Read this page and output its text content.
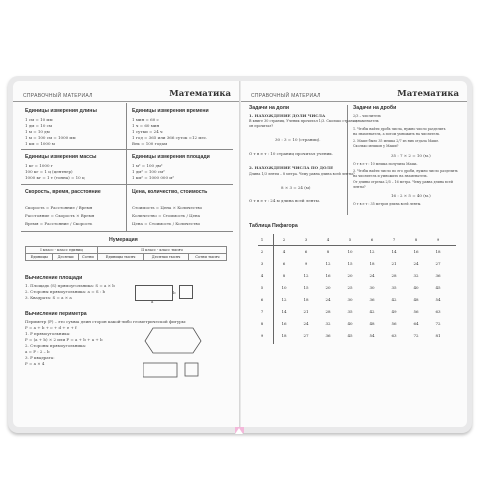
СПРАВОЧНЫЙ МАТЕРИАЛ	Математика
Единицы измерения длины
1 см = 10 мм
1 дм = 10 см
1 м = 10 дм
1 м = 100 см = 1000 мм
1 км = 1000 м
Единицы измерения времени
1 мин = 60 с
1 ч = 60 мин
1 сутки = 24 ч
1 год = 365 или 366 суток =12 мес.
Век = 100 годам
Единицы измерения массы
1 кг = 1000 г
100 кг = 1 ц (центнер)
1000 кг = 1 т (тонна) = 10 ц
Единицы измерения площади
1 м² = 100 дм²
1 дм² = 100 см²
1 км² = 1000 000 м²
Скорость, время, расстояние
Скорость = Расстояние / Время
Расстояние = Скорость × Время
Время = Расстояние / Скорость
Цена, количество, стоимость
Стоимость = Цена × Количество
Количество = Стоимость / Цена
Цена = Стоимость / Количество
Нумерация
I класс - класс единиц			II класс - класс тысяч		
Единицы	Десятки	Сотни	Единицы тысяч	Десятки тысяч	Сотни тысяч
Вычисление площади
1. Площадь (S) прямоугольника: S = a × b
2. Стороны прямоугольника: a = S : b
3. Квадрата: S = a × a
a
b
Вычисление периметра
Периметр (P) – это сумма длин сторон какой-либо геометрической фигуры:
P = a + b + c + d + e + f
1. P прямоугольника:
P = (a + b) × 2 или P = a + b + a + b
2. Стороны прямоугольника:
a = P : 2 – b
3. P квадрата:
P = a × 4
СПРАВОЧНЫЙ МАТЕРИАЛ	Математика
Задачи на доли
1. НАХОЖДЕНИЕ ДОЛИ ЧИСЛА
В книге 30 страниц. Ученик прочитал 1/3. Сколько страниц
он прочитал?
30 : 3 = 10 (страниц).
О т в е т : 10 страниц прочитал ученик.
2. НАХОЖДЕНИЕ ЧИСЛА ПО ДОЛЕ
Длина 1/3 ленты – 8 метра. Чему равна длина всей ленты?
8 × 3 = 24 (м)
О т в е т : 24 м длина всей ленты.
Задачи на дроби
2/3 – числитель
– знаменатель
1. Чтобы найти дробь числа, нужно число разделить
на знаменатель, а потом умножить на числитель.
2. Маше было 35 мешка 2/7 из них отдала Маше.
Сколько мешков у Маши?
35 : 7 × 2 = 10 (м.)
О т в е т : 10 мешка получила Маша.
3. Чтобы найти число по его дроби, нужно число разделить
на числитель и умножить на знаменатель.
От длины отрезка 2/5 – 16 метра. Чему равна длина всей
ленты?
16 : 2 × 5 = 40 (м.)
О т в е т : 35 метров длина всей ленты.
Таблица Пифагора
1	2	3	4	5	6	7	8	9
2	4	6	8	10	12	14	16	18
3	6	9	12	15	18	21	24	27
4	8	12	16	20	24	28	32	36
5	10	15	20	25	30	35	40	45
6	12	18	24	30	36	42	48	54
7	14	21	28	35	42	49	56	63
8	16	24	32	40	48	56	64	72
9	18	27	36	45	54	63	72	81
